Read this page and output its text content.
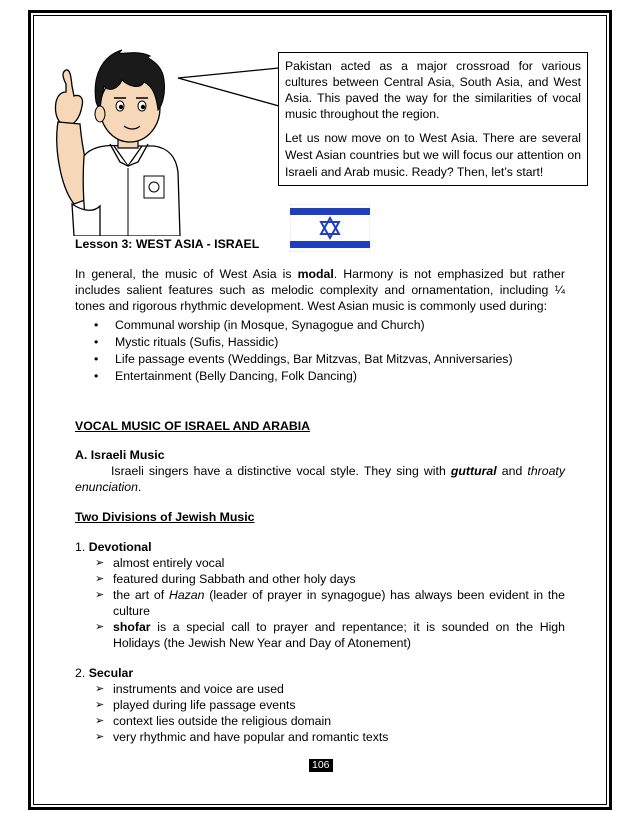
Pakistan acted as a major crossroad for various cultures between Central Asia, South Asia, and West Asia. This paved the way for the similarities of vocal music throughout the region.

Let us now move on to West Asia. There are several West Asian countries but we will focus our attention on Israeli and Arab music. Ready? Then, let’s start!

Lesson 3: WEST ASIA - ISRAEL
In general, the music of West Asia is modal. Harmony is not emphasized but rather includes salient features such as melodic complexity and ornamentation, including ¼ tones and rigorous rhythmic development. West Asian music is commonly used during:
• Communal worship (in Mosque, Synagogue and Church)
• Mystic rituals (Sufis, Hassidic)
• Life passage events (Weddings, Bar Mitzvas, Bat Mitzvas, Anniversaries)
• Entertainment (Belly Dancing, Folk Dancing)
VOCAL MUSIC OF ISRAEL AND ARABIA
A. Israeli Music
Israeli singers have a distinctive vocal style. They sing with guttural and throaty enunciation.
Two Divisions of Jewish Music
1. Devotional
➢ almost entirely vocal
➢ featured during Sabbath and other holy days
➢ the art of Hazan (leader of prayer in synagogue) has always been evident in the culture
➢ shofar is a special call to prayer and repentance; it is sounded on the High Holidays (the Jewish New Year and Day of Atonement)
2. Secular
➢ instruments and voice are used
➢ played during life passage events
➢ context lies outside the religious domain
➢ very rhythmic and have popular and romantic texts
106
